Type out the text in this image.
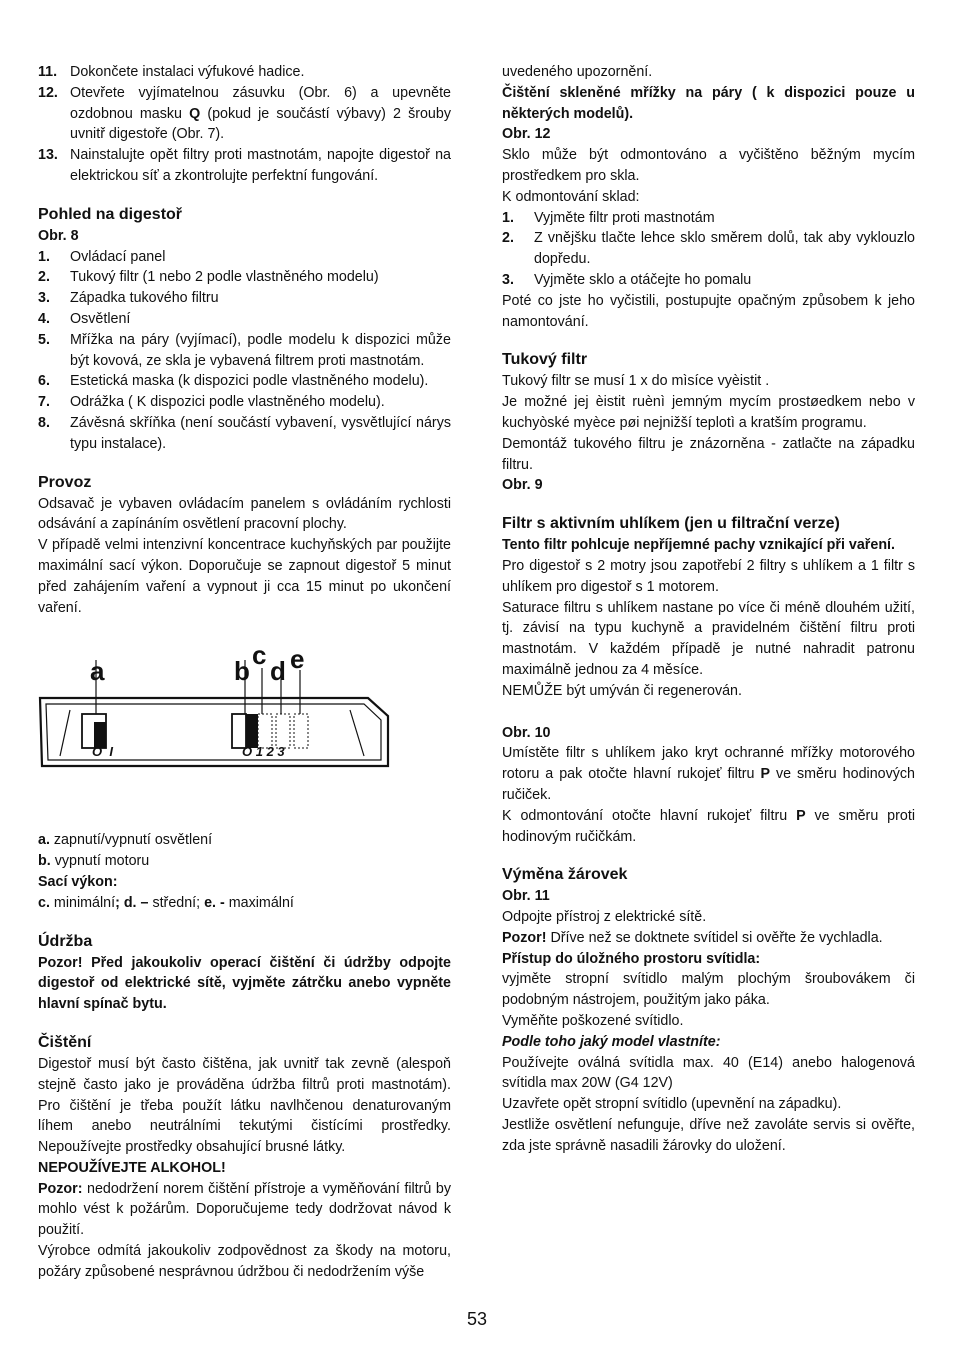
11. Dokončete instalaci výfukové hadice.
12. Otevřete vyjímatelnou zásuvku (Obr. 6) a upevněte ozdobnou masku Q (pokud je součástí výbavy) 2 šrouby uvnitř digestoře (Obr. 7).
13. Nainstalujte opět filtry proti mastnotám, napojte digestoř na elektrickou síť a zkontrolujte perfektní fungování.
Pohled na digestoř

Obr. 8

1. Ovládací panel
2. Tukový filtr (1 nebo 2 podle vlastněného modelu)
3. Západka tukového filtru
4. Osvětlení
5. Mřížka na páry (vyjímací), podle modelu k dispozici může být kovová, ze skla je vybavená filtrem proti mastnotám.
6. Estetická maska (k dispozici podle vlastněného modelu).
7. Odrážka ( K dispozici podle vlastněného modelu).
8. Závěsná skříňka (není součástí vybavení, vysvětlující nárys typu instalace).
Provoz

Odsavač je vybaven ovládacím panelem s ovládáním rychlosti odsávání a zapínáním osvětlení pracovní plochy.

V případě velmi intenzivní koncentrace kuchyňských par použijte maximální sací výkon. Doporučuje se zapnout digestoř 5 minut před zahájením vaření a vypnout ji cca 15 minut po ukončení vaření.

a	b
c
d e
O  I	O 1 2 3

a. zapnutí/vypnutí osvětlení

b. vypnutí motoru

Sací výkon:

c. minimální; d. – střední; e. - maximální

Údržba

Pozor! Před jakoukoliv operací čištění či údržby odpojte digestoř od elektrické sítě, vyjměte zátrčku anebo vypněte hlavní spínač bytu.

Čištění

Digestoř musí být často čištěna, jak uvnitř tak zevně (alespoň stejně často jako je prováděna údržba filtrů proti mastnotám). Pro čištění je třeba použít látku navlhčenou denaturovaným líhem anebo neutrálními tekutými čistícími prostředky. Nepoužívejte prostředky obsahující brusné látky.

NEPOUŽÍVEJTE ALKOHOL!

Pozor: nedodržení norem čištění přístroje a vyměňování filtrů by mohlo vést k požárům. Doporučujeme tedy dodržovat návod k použití.

Výrobce odmítá jakoukoliv zodpovědnost za škody na motoru, požáry způsobené nesprávnou údržbou či nedodržením výše

uvedeného upozornění.

Čištění skleněné mřížky na páry ( k dispozici pouze u některých modelů).

Obr. 12

Sklo může být odmontováno a vyčištěno běžným mycím prostředkem pro skla.

K odmontování sklad:

1. Vyjměte filtr proti mastnotám
2. Z vnějšku tlačte lehce sklo směrem dolů, tak aby vyklouzlo dopředu.
3. Vyjměte sklo a otáčejte ho pomalu

Poté co jste ho vyčistili, postupujte opačným způsobem k jeho namontování.

Tukový filtr

Tukový filtr se musí 1 x do mìsíce vyèistit .

Je možné jej èistit ruènì jemným mycím prostøedkem nebo v kuchyòské myèce pøi nejnižší teplotì a kratším programu.

Demontáž tukového filtru je znázorněna - zatlačte na západku filtru.

Obr. 9

Filtr s aktivním uhlíkem (jen u filtrační verze)

Tento filtr pohlcuje nepříjemné pachy vznikající při vaření.

Pro digestoř s 2 motry jsou zapotřebí 2 filtry s uhlíkem a 1 filtr s uhlíkem pro digestoř s 1 motorem.

Saturace filtru s uhlíkem nastane po více či méně dlouhém užití, tj. závisí na typu kuchyně a pravidelném čištění filtru proti mastnotám. V každém případě je nutné nahradit patronu maximálně jednou za 4 měsíce.

NEMŮŽE být umýván či regenerován.

Obr. 10

Umístěte filtr s uhlíkem jako kryt ochranné mřížky motorového rotoru a pak otočte hlavní rukojeť filtru P ve směru hodinových ručiček.

K odmontování otočte hlavní rukojeť filtru P ve směru proti hodinovým ručičkám.

Výměna žárovek

Obr. 11

Odpojte přístroj z elektrické sítě.

Pozor! Dříve než se doktnete svítidel si ověřte že vychladla.

Přístup do úložného prostoru svítidla:

vyjměte stropní svítidlo malým plochým šroubovákem či podobným nástrojem, použitým jako páka.

Vyměňte poškozené svítidlo.

Podle toho jaký model vlastníte:

Používejte oválná svítidla max. 40 (E14) anebo halogenová svítidla max 20W (G4 12V)

Uzavřete opět stropní svítidlo (upevnění na západku).

Jestliže osvětlení nefunguje, dříve než zavoláte servis si ověřte, zda jste správně nasadili žárovky do uložení.

53
